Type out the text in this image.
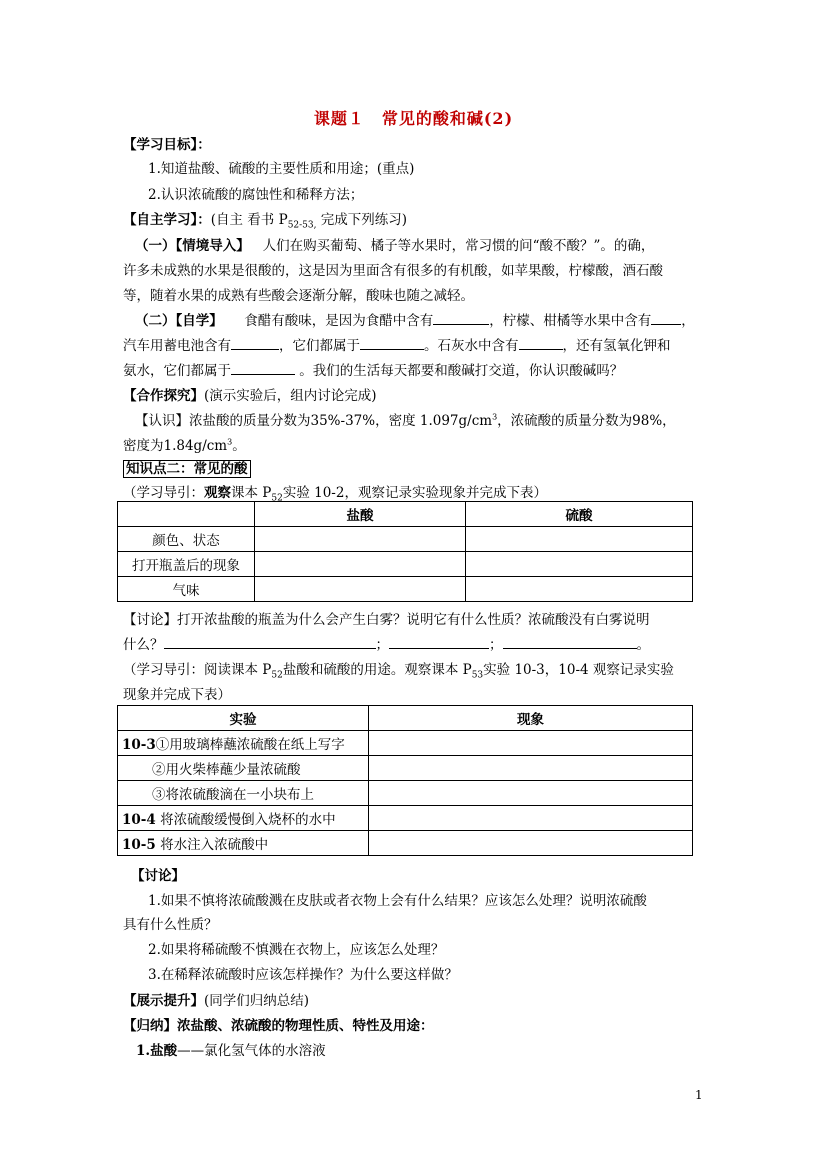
课题１　常见的酸和碱(2)
【学习目标】：
1.知道盐酸、硫酸的主要性质和用途；(重点)
2.认识浓硫酸的腐蚀性和稀释方法；
【自主学习】：(自主 看书 $P_{52-53,}$ 完成下列练习)
（一）【情境导入】 人们在购买葡萄、橘子等水果时，常习惯的问“酸不酸？”。的确，
许多未成熟的水果是很酸的，这是因为里面含有很多的有机酸，如苹果酸，柠檬酸，酒石酸
等，随着水果的成熟有些酸会逐渐分解，酸味也随之减轻。
（二）【自学】 食醋有酸味，是因为食醋中含有	，柠檬、柑橘等水果中含有 ，
汽车用蓄电池含有	，它们都属于	。石灰水中含有	，还有氢氧化钾和
氨水，它们都属于	。我们的生活每天都要和酸碱打交道，你认识酸碱吗？
【合作探究】(演示实验后，组内讨论完成)
【认识】浓盐酸的质量分数为35%-37%，密度 $1.097g/cm^3$，浓硫酸的质量分数为98%，
密度为$1.84g/cm^3$。
知识点二：常见的酸
（学习导引：观察课本 $P_{52}$实验 10-2，观察记录实验现象并完成下表）
	盐酸	硫酸
颜色、状态		
打开瓶盖后的现象		
气味		
【讨论】打开浓盐酸的瓶盖为什么会产生白雾？说明它有什么性质？浓硫酸没有白雾说明
什么？	；	；	。
（学习导引：阅读课本 $P_{52}$盐酸和硫酸的用途。观察课本 $P_{53}$实验 10-3，10-4 观察记录实验
现象并完成下表）
实验	现象
10-3①用玻璃棒蘸浓硫酸在纸上写字	
②用火柴棒蘸少量浓硫酸	
③将浓硫酸滴在一小块布上	
10-4 将浓硫酸缓慢倒入烧杯的水中	
10-5 将水注入浓硫酸中	
【讨论】
1.如果不慎将浓硫酸溅在皮肤或者衣物上会有什么结果？应该怎么处理？说明浓硫酸
具有什么性质？
2.如果将稀硫酸不慎溅在衣物上，应该怎么处理？
3.在稀释浓硫酸时应该怎样操作？为什么要这样做？
【展示提升】(同学们归纳总结)
【归纳】浓盐酸、浓硫酸的物理性质、特性及用途：
1.盐酸——氯化氢气体的水溶液
1
